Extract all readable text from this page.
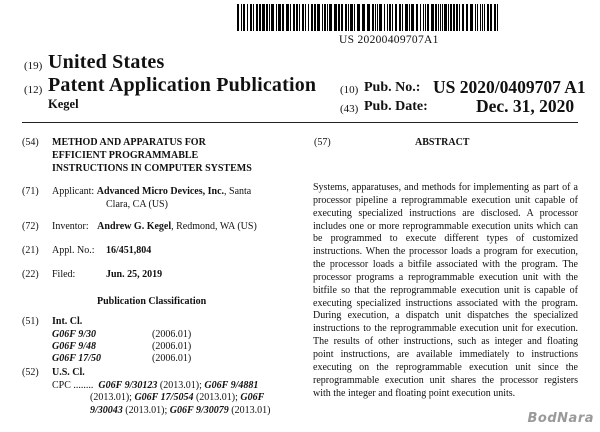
US 20200409707A1
(19) United States
(12) Patent Application Publication
Kegel
(10) Pub. No.: US 2020/0409707 A1
(43) Pub. Date:	Dec. 31, 2020
(54) METHOD AND APPARATUS FOR
EFFICIENT PROGRAMMABLE
INSTRUCTIONS IN COMPUTER SYSTEMS
(71) Applicant: Advanced Micro Devices, Inc., Santa
Clara, CA (US)
(72) Inventor: Andrew G. Kegel, Redmond, WA (US)
(21) Appl. No.: 16/451,804
(22) Filed:	Jun. 25, 2019
Publication Classification
(51) Int. Cl.
G06F 9/30	(2006.01)
G06F 9/48	(2006.01)
G06F 17/50	(2006.01)
(52) U.S. Cl.
CPC ........  G06F 9/30123 (2013.01); G06F 9/4881
(2013.01); G06F 17/5054 (2013.01); G06F
9/30043 (2013.01); G06F 9/30079 (2013.01)
(57)	ABSTRACT
Systems, apparatuses, and methods for implementing as part of a processor pipeline a reprogrammable execution unit capable of executing specialized instructions are disclosed. A processor includes one or more reprogrammable execution units which can be programmed to execute different types of customized instructions. When the processor loads a program for execution, the processor loads a bitfile associated with the program. The processor programs a reprogrammable execution unit with the bitfile so that the reprogrammable execution unit is capable of executing specialized instructions associated with the program. During execution, a dispatch unit dispatches the specialized instructions to the reprogrammable execution unit for execution. The results of other instructions, such as integer and floating point instructions, are available immediately to instructions executing on the reprogrammable execution unit since the reprogrammable execution unit shares the processor registers with the integer and floating point execution units.
BodNara
